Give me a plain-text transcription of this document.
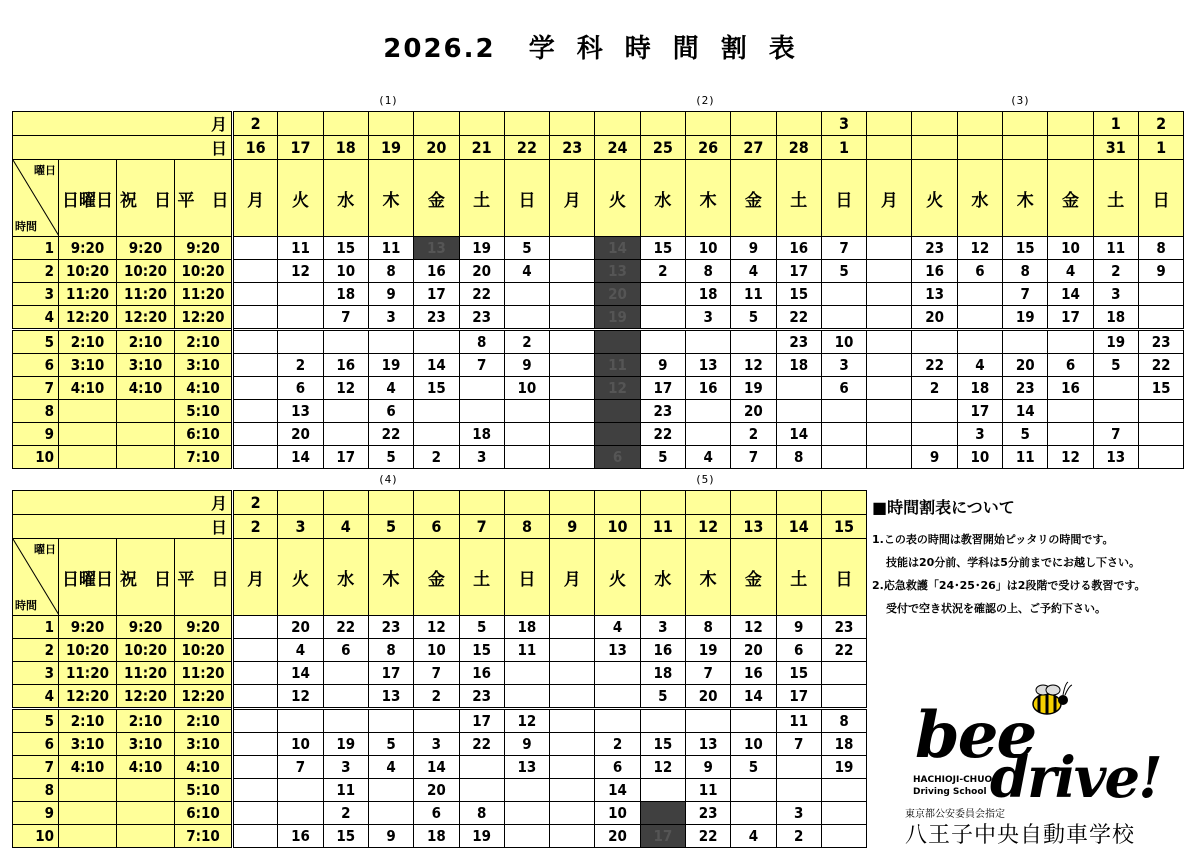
2026.2 学科時間割表
(1)	(2)	(3)
月				2													3						1	2
日				16	17	18	19	20	21	22	23	24	25	26	27	28	1						31	1

曜日
時間	日曜日	祝　日	平　日	月	火	水	木	金	土	日	月	火	水	木	金	土	日	月	火	水	木	金	土	日
1	9:20	9:20	9:20		11	15	11	13	19	5		14	15	10	9	16	7		23	12	15	10	11	8
2	10:20	10:20	10:20		12	10	8	16	20	4		13	2	8	4	17	5		16	6	8	4	2	9
3	11:20	11:20	11:20			18	9	17	22			20		18	11	15			13		7	14	3	
4	12:20	12:20	12:20			7	3	23	23			19		3	5	22			20		19	17	18	
5	2:10	2:10	2:10						8	2						23	10						19	23
6	3:10	3:10	3:10		2	16	19	14	7	9		11	9	13	12	18	3		22	4	20	6	5	22
7	4:10	4:10	4:10		6	12	4	15		10		12	17	16	19		6		2	18	23	16		15
8			5:10		13		6						23		20					17	14			
9			6:10		20		22		18				22		2	14				3	5		7	
10			7:10		14	17	5	2	3			6	5	4	7	8			9	10	11	12	13	
(4)	(5)
月				2													
日				2	3	4	5	6	7	8	9	10	11	12	13	14	15

曜日
時間	日曜日	祝　日	平　日	月	火	水	木	金	土	日	月	火	水	木	金	土	日
1	9:20	9:20	9:20		20	22	23	12	5	18		4	3	8	12	9	23
2	10:20	10:20	10:20		4	6	8	10	15	11		13	16	19	20	6	22
3	11:20	11:20	11:20		14		17	7	16				18	7	16	15	
4	12:20	12:20	12:20		12		13	2	23				5	20	14	17	
5	2:10	2:10	2:10						17	12						11	8
6	3:10	3:10	3:10		10	19	5	3	22	9		2	15	13	10	7	18
7	4:10	4:10	4:10		7	3	4	14		13		6	12	9	5		19
8			5:10			11		20				14		11			
9			6:10			2		6	8			10		23		3	
10			7:10		16	15	9	18	19			20	17	22	4	2	
■時間割表について
1.この表の時間は教習開始ピッタリの時間です。
技能は20分前、学科は5分前までにお越し下さい。
2.応急救護「24･25･26」は2段階で受ける教習です。
受付で空き状況を確認の上、ご予約下さい。
bee
drive!
HACHIOJI-CHUO
Driving School
東京都公安委員会指定
八王子中央自動車学校
